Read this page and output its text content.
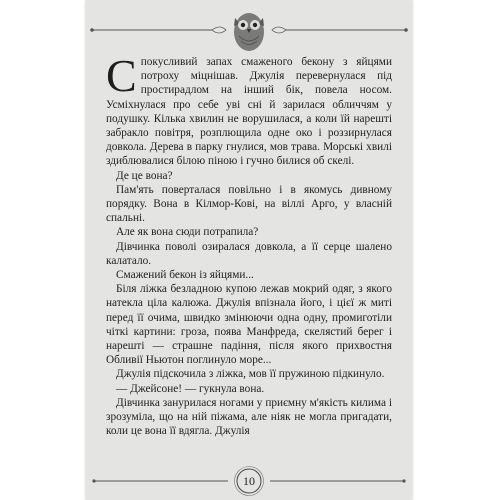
Спокусливий запах смаженого бекону з яйцями потроху міцнішав. Джулія перевернулася під простирадлом на інший бік, повела носом. Усміхнулася про себе уві сні й зарилася обличчям у подушку. Кілька хвилин не ворушилася, а коли їй нарешті забракло повітря, розплющила одне око і роззирнулася довкола. Дерева в парку гнулися, мов трава. Морські хвилі здиблювалися білою піною і гучно билися об скелі.

Де це вона?

Пам'ять поверталася повільно і в якомусь дивному порядку. Вона в Кілмор-Кові, на віллі Арго, у власній спальні.

Але як вона сюди потрапила?

Дівчинка поволі озиралася довкола, а її серце шалено калатало.

Смажений бекон із яйцями...

Біля ліжка безладною купою лежав мокрий одяг, з якого натекла ціла калюжа. Джулія впізнала його, і цієї ж миті перед її очима, швидко змінюючи одна одну, промиготіли чіткі картини: гроза, поява Манфреда, скелястий берег і нарешті — страшне падіння, після якого прихвостня Обливії Ньютон поглинуло море...

Джулія підскочила з ліжка, мов її пружиною підкинуло.

— Джейсоне! — гукнула вона.

Дівчинка занурилася ногами у приємну м'якість килима і зрозуміла, що на ній піжама, але ніяк не могла пригадати, коли це вона її вдягла. Джулія

10
